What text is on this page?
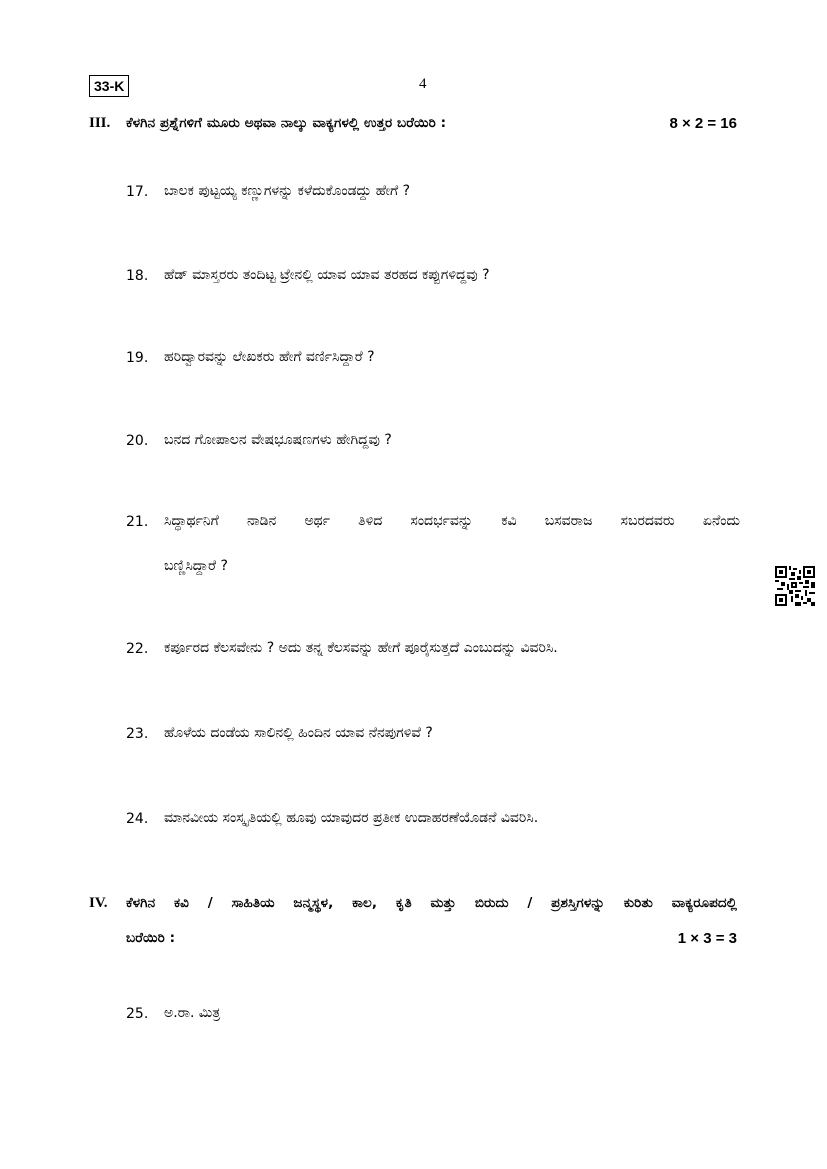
33-K	4
III. ಕೆಳಗಿನ ಪ್ರಶ್ನೆಗಳಿಗೆ ಮೂರು ಅಥವಾ ನಾಲ್ಕು ವಾಕ್ಯಗಳಲ್ಲಿ ಉತ್ತರ ಬರೆಯಿರಿ :	8 × 2 = 16
17. ಬಾಲಕ ಪುಟ್ಟಯ್ಯ ಕಣ್ಣುಗಳನ್ನು ಕಳೆದುಕೊಂಡದ್ದು ಹೇಗೆ ?
18. ಹೆಡ್ ಮಾಸ್ತರರು ತಂದಿಟ್ಟ ಟ್ರೇನಲ್ಲಿ ಯಾವ ಯಾವ ತರಹದ ಕಪ್ಪುಗಳಿದ್ದವು ?
19. ಹರಿದ್ವಾರವನ್ನು ಲೇಖಕರು ಹೇಗೆ ವರ್ಣಿಸಿದ್ದಾರೆ ?
20. ಬನದ ಗೋಪಾಲನ ವೇಷಭೂಷಣಗಳು ಹೇಗಿದ್ದವು ?
21. ಸಿದ್ಧಾರ್ಥನಿಗೆ ನಾಡಿನ ಅರ್ಥ ತಿಳಿದ ಸಂದರ್ಭವನ್ನು ಕವಿ ಬಸವರಾಜ ಸಬರದವರು ಏನೆಂದು
ಬಣ್ಣಿಸಿದ್ದಾರೆ ?
22. ಕರ್ಪೂರದ ಕೆಲಸವೇನು ? ಅದು ತನ್ನ ಕೆಲಸವನ್ನು ಹೇಗೆ ಪೂರೈಸುತ್ತದೆ ಎಂಬುದನ್ನು ವಿವರಿಸಿ.
23. ಹೊಳೆಯ ದಂಡೆಯ ಸಾಲಿನಲ್ಲಿ ಹಿಂದಿನ ಯಾವ ನೆನಪುಗಳಿವೆ ?
24. ಮಾನವೀಯ ಸಂಸ್ಕೃತಿಯಲ್ಲಿ ಹೂವು ಯಾವುದರ ಪ್ರತೀಕ ಉದಾಹರಣೆಯೊಡನೆ ವಿವರಿಸಿ.
IV. ಕೆಳಗಿನ ಕವಿ / ಸಾಹಿತಿಯ ಜನ್ಮಸ್ಥಳ, ಕಾಲ, ಕೃತಿ ಮತ್ತು ಬಿರುದು / ಪ್ರಶಸ್ತಿಗಳನ್ನು ಕುರಿತು ವಾಕ್ಯರೂಪದಲ್ಲಿ
ಬರೆಯಿರಿ :	1 × 3 = 3
25. ಅ.ರಾ. ಮಿತ್ರ
